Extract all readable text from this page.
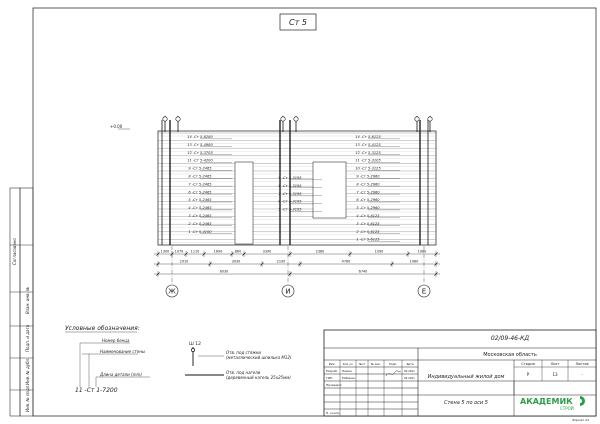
Согласовано
Взам. инв. №
Подп. и дата
Инв. № дубл.
Инв. № подл.
Ст 5
+0.00
14 -Ст 5-6280
13 -Ст 5-4980
12 -Ст 5-3705
11 -Ст 5-4200
9 -Ст 5-2465
8 -Ст 5-2465
7 -Ст 5-2465
6 -Ст 5-2465
5 -Ст 5-2465
4 -Ст 5-2465
3 -Ст 5-2465
2 -Ст 5-2465
1 -Ст 5-4100
9 -Ст 5-3195
8 -Ст 5-3195
7 -Ст 5-3195
6 -Ст 5-3195
5 -Ст 5-3195
14 -Ст 5-6125
13 -Ст 5-4125
12 -Ст 5-3125
11 -Ст 5-3105
10 -Ст 5-3125
9 -Ст 5-2960
8 -Ст 5-2960
7 -Ст 5-2960
6 -Ст 5-2960
5 -Ст 5-2960
4 -Ст 5-6125
3 -Ст 5-6125
2 -Ст 5-6125
1 -Ст 5-6125
1300 1070 1110	1690	860	3390	2380	1090	1080
2910	3030	2100	4760	1080
6030	6740
Ж	И	Е
Условные обозначения:
Номер бенца
Наименование стены
Длина детали (mm)
11 -Ст 1-7200
Ш 12
Отв. под стяжки (металлический шпилька М12)
Отв. под нагели (деревянный нагель 25х25мм)
02/09-46-КД
Московская область
Индивидуальный жилой дом
Стена 5 по оси 5
Стадия	Лист	Листов
Р	13	-
Изм.	Кол.уч. Лист № док.	Подп.	Дата
Разраб. Левин	04.2021
ГИП	Рябинин	04.2021
Проверил
Н. контр.
АКАДЕМИК
СТРОЙ
Формат А3
